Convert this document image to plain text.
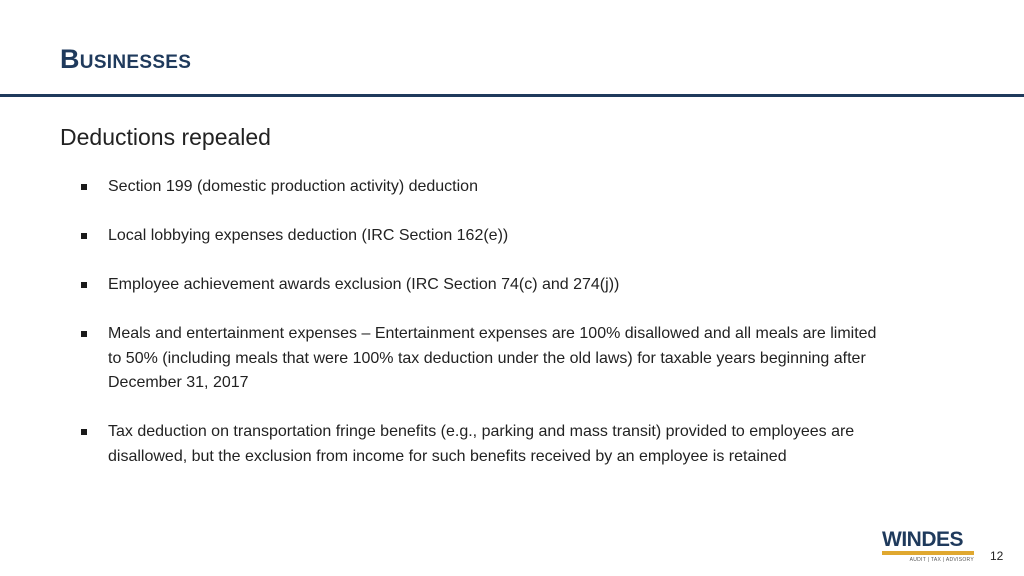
Businesses
Deductions repealed
Section 199 (domestic production activity) deduction
Local lobbying expenses deduction (IRC Section 162(e))
Employee achievement awards exclusion (IRC Section 74(c) and 274(j))
Meals and entertainment expenses – Entertainment expenses are 100% disallowed and all meals are limited to 50% (including meals that were 100% tax deduction under the old laws) for taxable years beginning after December 31, 2017
Tax deduction on transportation fringe benefits (e.g., parking and mass transit) provided to employees are disallowed, but the exclusion from income for such benefits received by an employee is retained
WINDES
AUDIT | TAX | ADVISORY 12
